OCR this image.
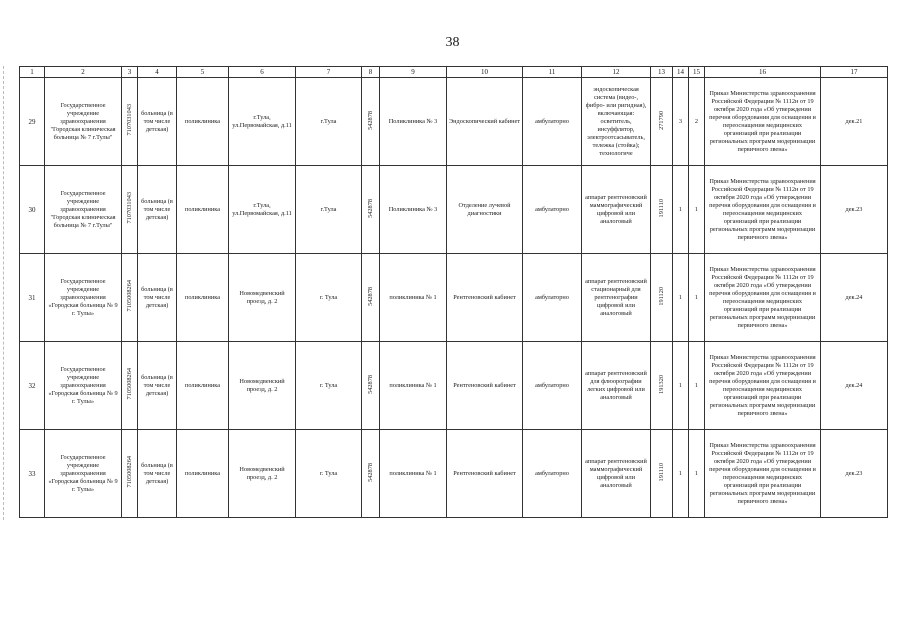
38
1	2	3	4	5	6	7	8	9	10	11	12	13	14	15	16	17
29	Государственное учреждение здравоохранения "Городская клиническая больница № 7 г.Тулы"	7107031043	больница (в том числе детская)	поликлиника	г.Тула, ул.Первомайская, д.11	г.Тула	542878	Поликлиника № 3	Эндоскопический кабинет	амбулаторно	эндоскопическая система (видео-, фибро- или ригидная), включающая: осветитель, инсуффлятор, электроотсасыватель, тележка (стойка); технологиче	271790	3	2	Приказ Министерства здравоохранения Российской Федерации № 1112н от 19 октября 2020 года «Об утверждении перечня оборудования для оснащения и переоснащения медицинских организаций при реализации региональных программ модернизации первичного звена»	дек.21
30	Государственное учреждение здравоохранения "Городская клиническая больница № 7 г.Тулы"	7107031043	больница (в том числе детская)	поликлиника	г.Тула, ул.Первомайская, д.11	г.Тула	542878	Поликлиника № 3	Отделение лучевой диагностики	амбулаторно	аппарат рентгеновский маммографический цифровой или аналоговый	191110	1	1	Приказ Министерства здравоохранения Российской Федерации № 1112н от 19 октября 2020 года «Об утверждении перечня оборудования для оснащения и переоснащения медицинских организаций при реализации региональных программ модернизации первичного звена»	дек.23
31	Государственное учреждение здравоохранения «Городская больница № 9 г. Тулы»	7105008264	больница (в том числе детская)	поликлиника	Новомедвенский проезд, д. 2	г. Тула	542878	поликлиника № 1	Рентгеновский кабинет	амбулаторно	аппарат рентгеновский стационарный для рентгенографии цифровой или аналоговый	191120	1	1	Приказ Министерства здравоохранения Российской Федерации № 1112н от 19 октября 2020 года «Об утверждении перечня оборудования для оснащения и переоснащения медицинских организаций при реализации региональных программ модернизации первичного звена»	дек.24
32	Государственное учреждение здравоохранения «Городская больница № 9 г. Тулы»	7105008264	больница (в том числе детская)	поликлиника	Новомедвенский проезд, д. 2	г. Тула	542878	поликлиника № 1	Рентгеновский кабинет	амбулаторно	аппарат рентгеновский для флюорографии легких цифровой или аналоговый	191320	1	1	Приказ Министерства здравоохранения Российской Федерации № 1112н от 19 октября 2020 года «Об утверждении перечня оборудования для оснащения и переоснащения медицинских организаций при реализации региональных программ модернизации первичного звена»	дек.24
33	Государственное учреждение здравоохранения «Городская больница № 9 г. Тулы»	7105008264	больница (в том числе детская)	поликлиника	Новомедвенский проезд, д. 2	г. Тула	542878	поликлиника № 1	Рентгеновский кабинет	амбулаторно	аппарат рентгеновский маммографический цифровой или аналоговый	191110	1	1	Приказ Министерства здравоохранения Российской Федерации № 1112н от 19 октября 2020 года «Об утверждении перечня оборудования для оснащения и переоснащения медицинских организаций при реализации региональных программ модернизации первичного звена»	дек.23
